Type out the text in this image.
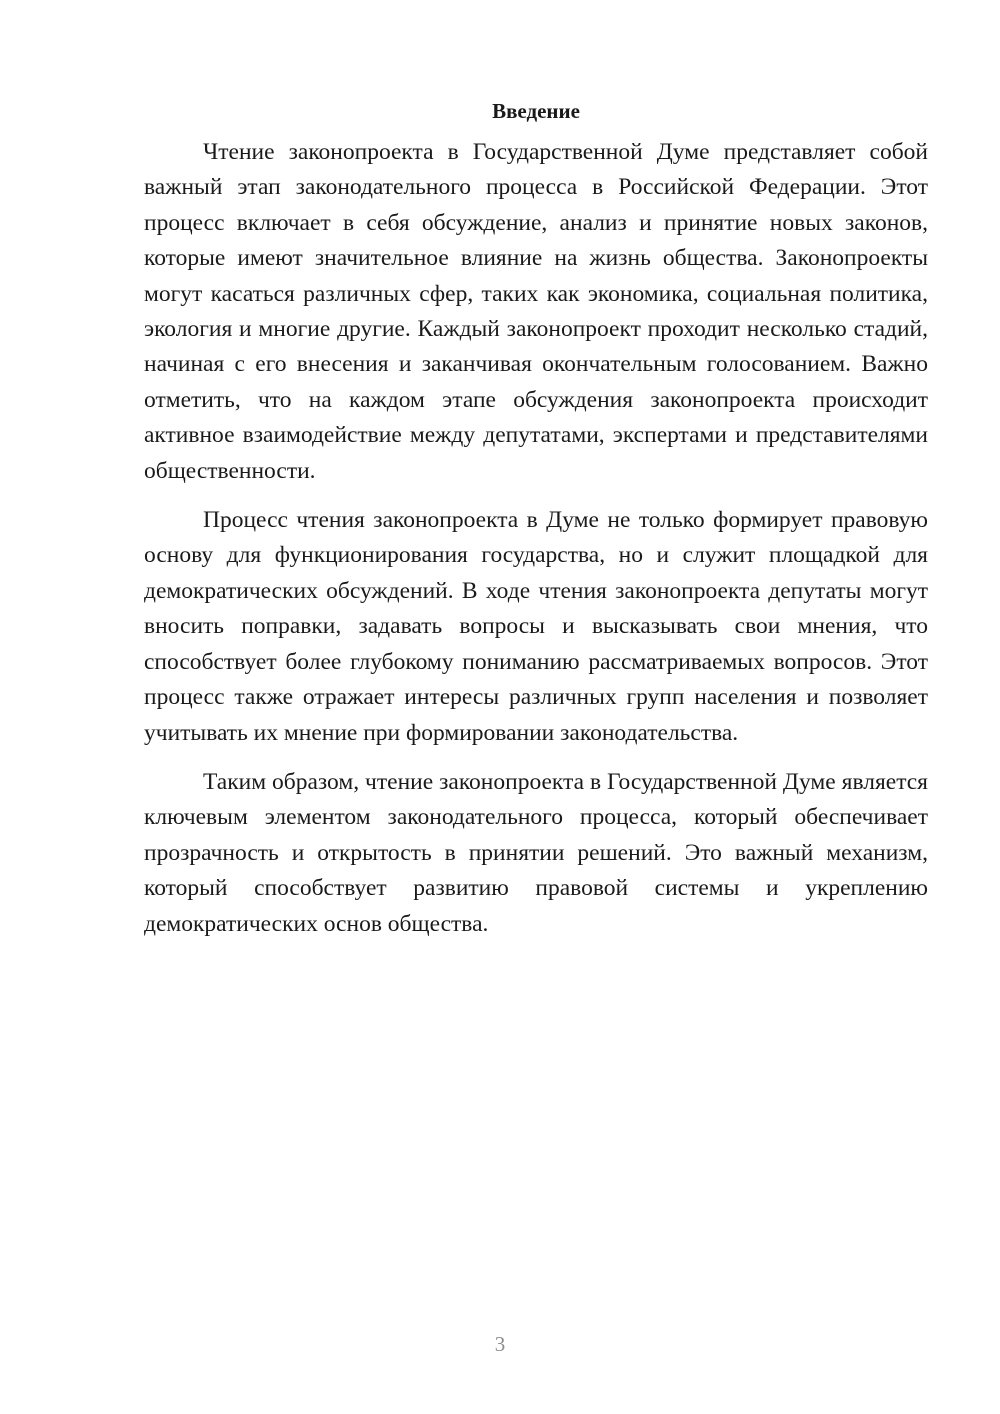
Введение

Чтение законопроекта в Государственной Думе представляет собой важный этап законодательного процесса в Российской Федерации. Этот процесс включает в себя обсуждение, анализ и принятие новых законов, которые имеют значительное влияние на жизнь общества. Законопроекты могут касаться различных сфер, таких как экономика, социальная политика, экология и многие другие. Каждый законопроект проходит несколько стадий, начиная с его внесения и заканчивая окончательным голосованием. Важно отметить, что на каждом этапе обсуждения законопроекта происходит активное взаимодействие между депутатами, экспертами и представителями общественности.

Процесс чтения законопроекта в Думе не только формирует правовую основу для функционирования государства, но и служит площадкой для демократических обсуждений. В ходе чтения законопроекта депутаты могут вносить поправки, задавать вопросы и высказывать свои мнения, что способствует более глубокому пониманию рассматриваемых вопросов. Этот процесс также отражает интересы различных групп населения и позволяет учитывать их мнение при формировании законодательства.

Таким образом, чтение законопроекта в Государственной Думе является ключевым элементом законодательного процесса, который обеспечивает прозрачность и открытость в принятии решений. Это важный механизм, который способствует развитию правовой системы и укреплению демократических основ общества.

3
